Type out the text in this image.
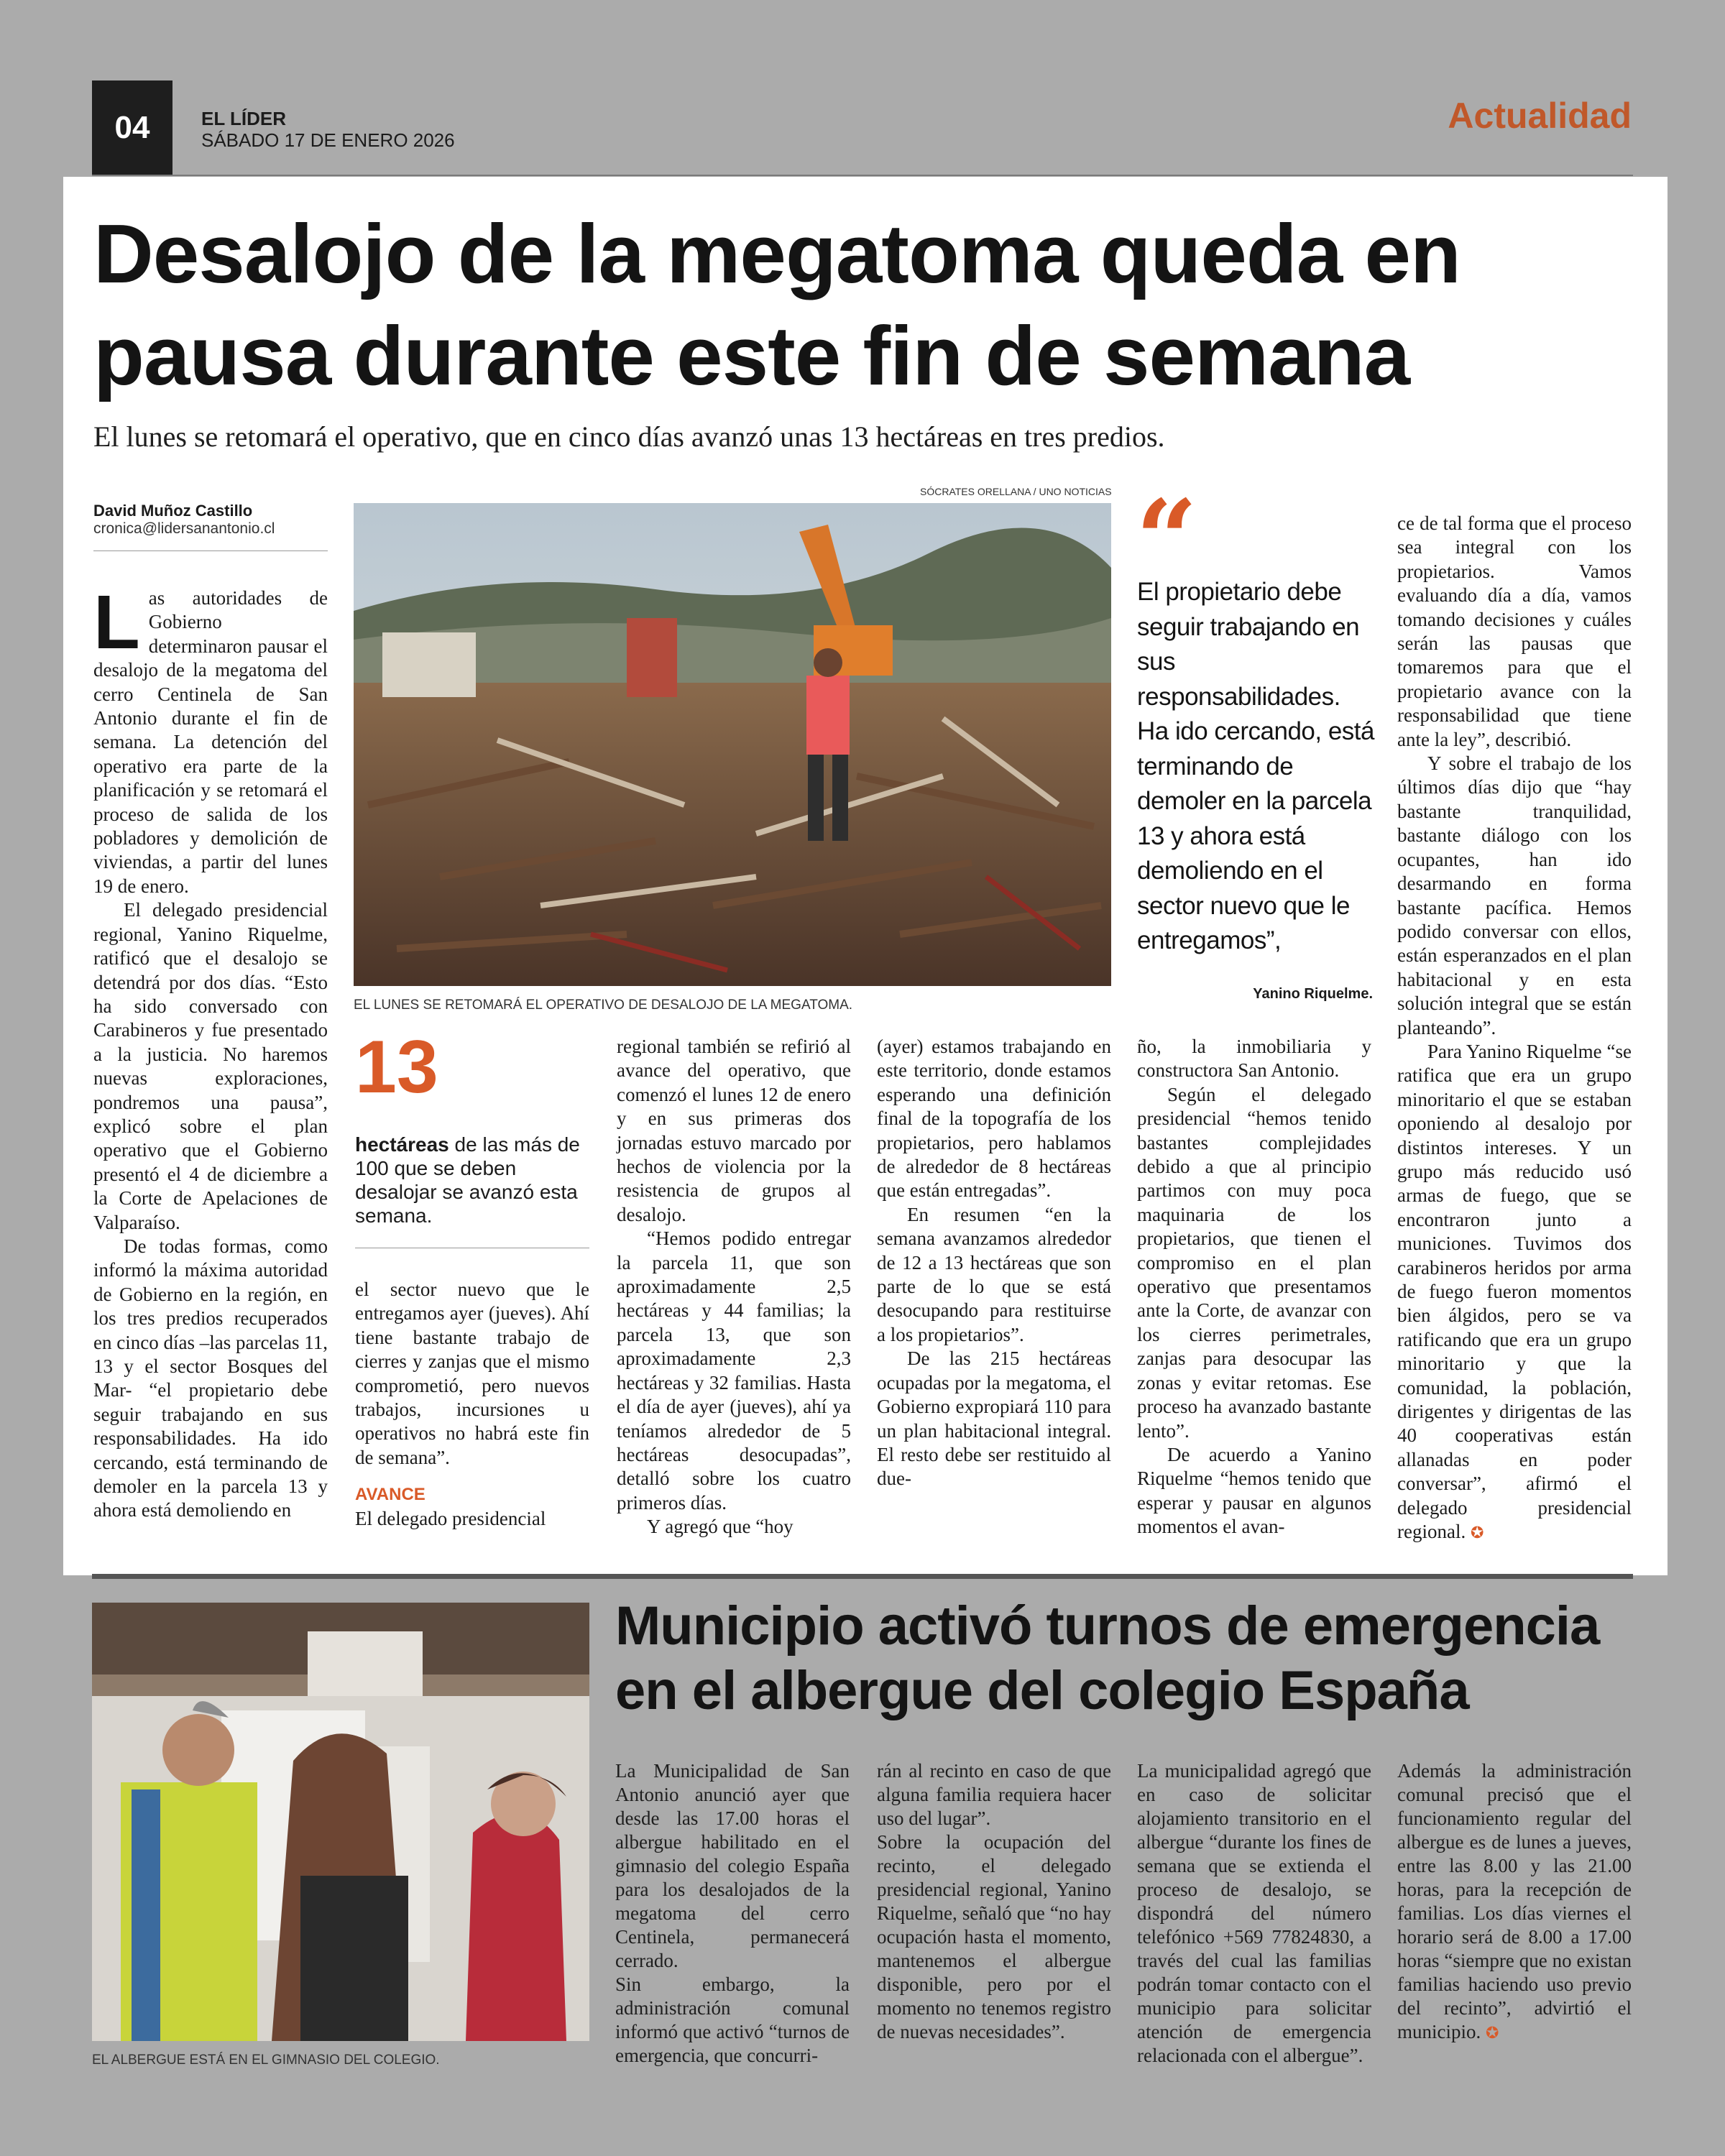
04	EL LÍDER
SÁBADO 17 DE ENERO 2026
Actualidad
Desalojo de la megatoma queda en
pausa durante este fin de semana
El lunes se retomará el operativo, que en cinco días avanzó unas 13 hectáreas en tres predios.
David Muñoz Castillo
cronica@lidersanantonio.cl
SÓCRATES ORELLANA / UNO NOTICIAS
EL LUNES SE RETOMARÁ EL OPERATIVO DE DESALOJO DE LA MEGATOMA.

Las autoridades de Gobierno determinaron pausar el desalojo de la megatoma del cerro Centinela de San Antonio durante el fin de semana. La detención del operativo era parte de la planificación y se retomará el proceso de salida de los pobladores y demolición de viviendas, a partir del lunes 19 de enero.

El delegado presidencial regional, Yanino Riquelme, ratificó que el desalojo se detendrá por dos días. “Esto ha sido conversado con Carabineros y fue presentado a la justicia. No haremos nuevas exploraciones, pondremos una pausa”, explicó sobre el plan operativo que el Gobierno presentó el 4 de diciembre a la Corte de Apelaciones de Valparaíso.

De todas formas, como informó la máxima autoridad de Gobierno en la región, en los tres predios recuperados en cinco días –las parcelas 11, 13 y el sector Bosques del Mar- “el propietario debe seguir trabajando en sus responsabilidades. Ha ido cercando, está terminando de demoler en la parcela 13 y ahora está demoliendo en

13
hectáreas de las más de 100 que se deben desalojar se avanzó esta semana.

el sector nuevo que le entregamos ayer (jueves). Ahí tiene bastante trabajo de cierres y zanjas que el mismo comprometió, pero nuevos trabajos, incursiones u operativos no habrá este fin de semana”.

AVANCE

El delegado presidencial

regional también se refirió al avance del operativo, que comenzó el lunes 12 de enero y en sus primeras dos jornadas estuvo marcado por hechos de violencia por la resistencia de grupos al desalojo.

“Hemos podido entregar la parcela 11, que son aproximadamente 2,5 hectáreas y 44 familias; la parcela 13, que son aproximadamente 2,3 hectáreas y 32 familias. Hasta el día de ayer (jueves), ahí ya teníamos alrededor de 5 hectáreas desocupadas”, detalló sobre los cuatro primeros días.

Y agregó que “hoy

(ayer) estamos trabajando en este territorio, donde estamos esperando una definición final de la topografía de los propietarios, pero hablamos de alrededor de 8 hectáreas que están entregadas”.

En resumen “en la semana avanzamos alrededor de 12 a 13 hectáreas que son parte de lo que se está desocupando para restituirse a los propietarios”.

De las 215 hectáreas ocupadas por la megatoma, el Gobierno expropiará 110 para un plan habitacional integral. El resto debe ser restituido al due-

“
El propietario debe seguir trabajando en sus responsabilidades. Ha ido cercando, está terminando de demoler en la parcela 13 y ahora está demoliendo en el sector nuevo que le entregamos”,
Yanino Riquelme.

ño, la inmobiliaria y constructora San Antonio.

Según el delegado presidencial “hemos tenido bastantes complejidades debido a que al principio partimos con muy poca maquinaria de los propietarios, que tienen el compromiso en el plan operativo que presentamos ante la Corte, de avanzar con los cierres perimetrales, zanjas para desocupar las zonas y evitar retomas. Ese proceso ha avanzado bastante lento”.

De acuerdo a Yanino Riquelme “hemos tenido que esperar y pausar en algunos momentos el avan-

ce de tal forma que el proceso sea integral con los propietarios. Vamos evaluando día a día, vamos tomando decisiones y cuáles serán las pausas que tomaremos para que el propietario avance con la responsabilidad que tiene ante la ley”, describió.

Y sobre el trabajo de los últimos días dijo que “hay bastante tranquilidad, bastante diálogo con los ocupantes, han ido desarmando en forma bastante pacífica. Hemos podido conversar con ellos, están esperanzados en el plan habitacional y en esta solución integral que se están planteando”.

Para Yanino Riquelme “se ratifica que era un grupo minoritario el que se estaban oponiendo al desalojo por distintos intereses. Y un grupo más reducido usó armas de fuego, que se encontraron junto a municiones. Tuvimos dos carabineros heridos por arma de fuego fueron momentos bien álgidos, pero se va ratificando que era un grupo minoritario y que la comunidad, la población, dirigentes y dirigentas de las 40 cooperativas están allanadas en poder conversar”, afirmó el delegado presidencial regional. ✪

EL ALBERGUE ESTÁ EN EL GIMNASIO DEL COLEGIO.
Municipio activó turnos de emergencia
en el albergue del colegio España

La Municipalidad de San Antonio anunció ayer que desde las 17.00 horas el albergue habilitado en el gimnasio del colegio España para los desalojados de la megatoma del cerro Centinela, permanecerá cerrado.

Sin embargo, la administración comunal informó que activó “turnos de emergencia, que concurri-

rán al recinto en caso de que alguna familia requiera hacer uso del lugar”.

Sobre la ocupación del recinto, el delegado presidencial regional, Yanino Riquelme, señaló que “no hay ocupación hasta el momento, mantenemos el albergue disponible, pero por el momento no tenemos registro de nuevas necesidades”.

La municipalidad agregó que en caso de solicitar alojamiento transitorio en el albergue “durante los fines de semana que se extienda el proceso de desalojo, se dispondrá del número telefónico +569 77824830, a través del cual las familias podrán tomar contacto con el municipio para solicitar atención de emergencia relacionada con el albergue”.

Además la administración comunal precisó que el funcionamiento regular del albergue es de lunes a jueves, entre las 8.00 y las 21.00 horas, para la recepción de familias. Los días viernes el horario será de 8.00 a 17.00 horas “siempre que no existan familias haciendo uso previo del recinto”, advirtió el municipio. ✪
